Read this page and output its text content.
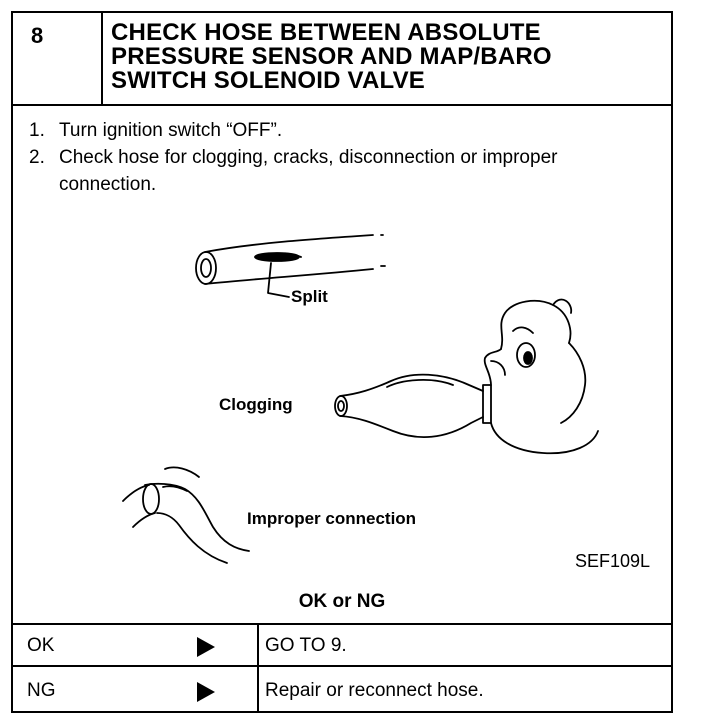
8	CHECK HOSE BETWEEN ABSOLUTE
PRESSURE SENSOR AND MAP/BARO
SWITCH SOLENOID VALVE
1. Turn ignition switch “OFF”.
2. Check hose for clogging, cracks, disconnection or improper
connection.
Split
Clogging
Improper connection
SEF109L
OK or NG
OK	GO TO 9.
NG	Repair or reconnect hose.
